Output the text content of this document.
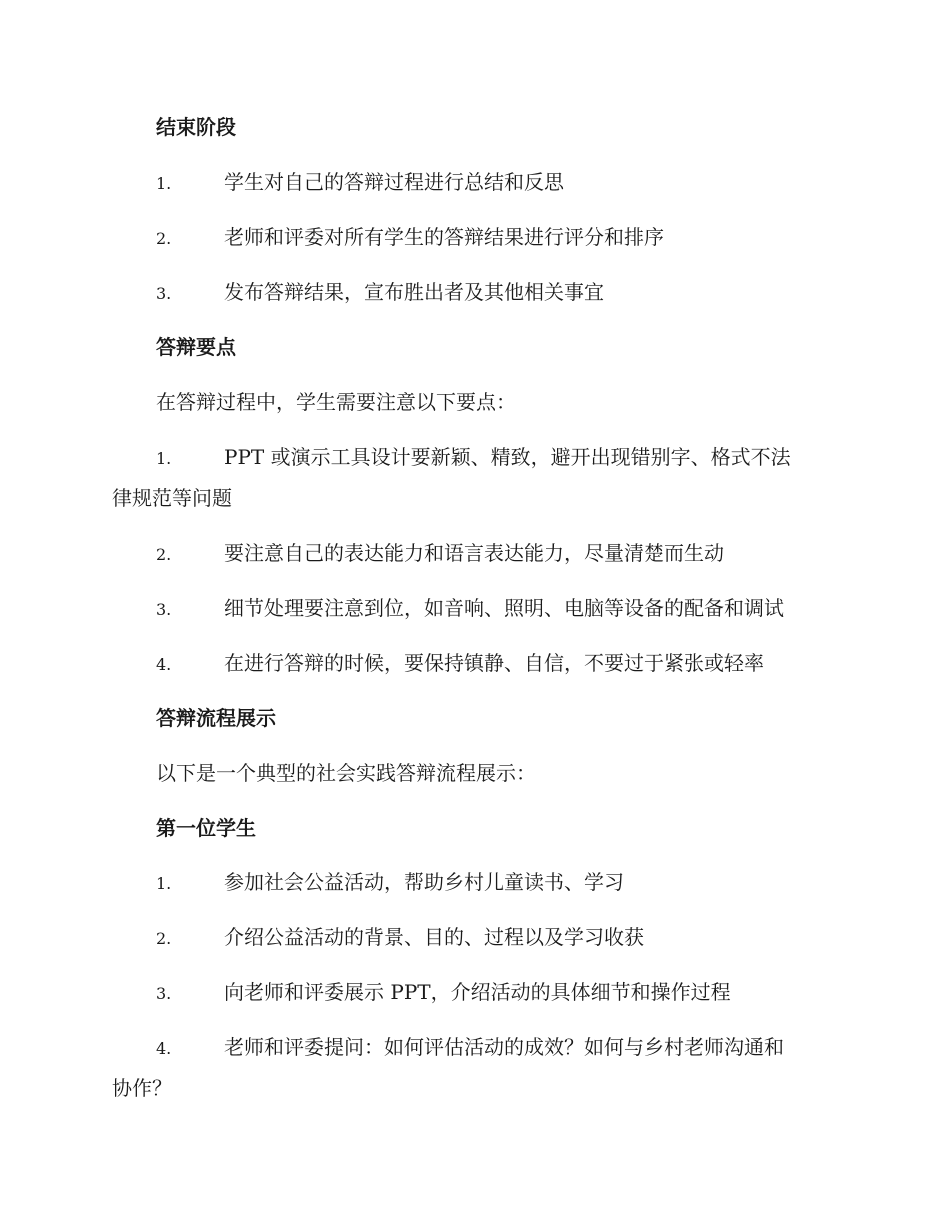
结束阶段
1.	学生对自己的答辩过程进行总结和反思
2.	老师和评委对所有学生的答辩结果进行评分和排序
3.	发布答辩结果，宣布胜出者及其他相关事宜
答辩要点
在答辩过程中，学生需要注意以下要点：
1.	PPT 或演示工具设计要新颖、精致，避开出现错别字、格式不法
律规范等问题
2.	要注意自己的表达能力和语言表达能力，尽量清楚而生动
3.	细节处理要注意到位，如音响、照明、电脑等设备的配备和调试
4.	在进行答辩的时候，要保持镇静、自信，不要过于紧张或轻率
答辩流程展示
以下是一个典型的社会实践答辩流程展示：
第一位学生
1.	参加社会公益活动，帮助乡村儿童读书、学习
2.	介绍公益活动的背景、目的、过程以及学习收获
3.	向老师和评委展示 PPT，介绍活动的具体细节和操作过程
4.	老师和评委提问：如何评估活动的成效？如何与乡村老师沟通和
协作？
